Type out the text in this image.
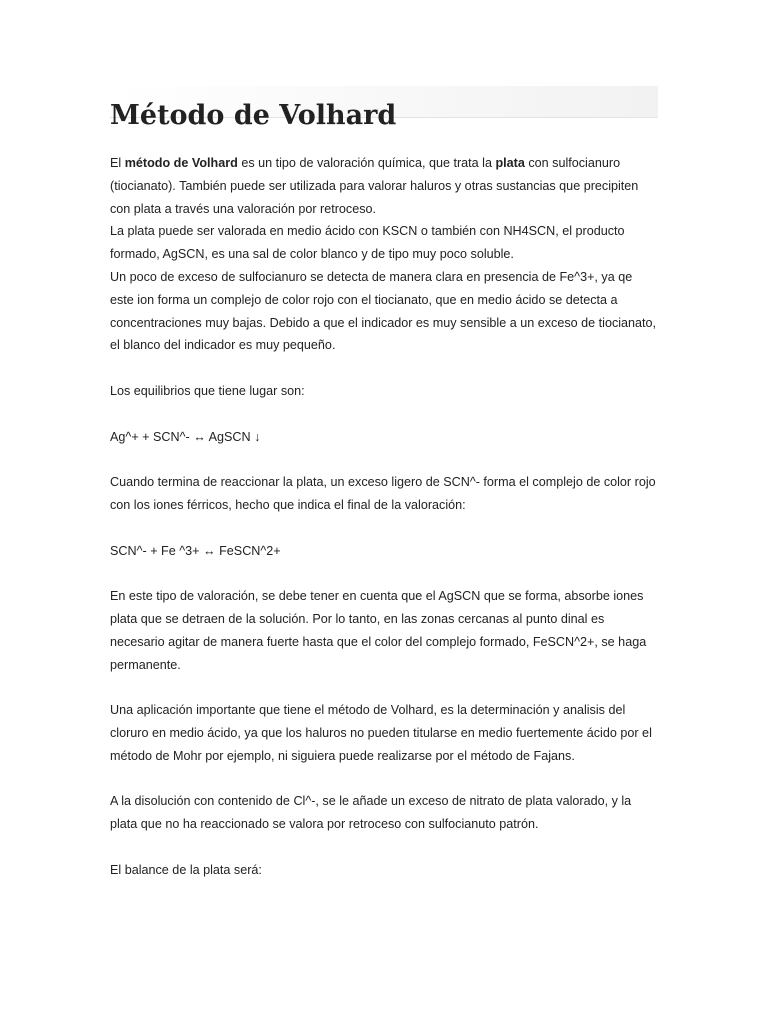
Método de Volhard

El método de Volhard es un tipo de valoración química, que trata la plata con sulfocianuro (tiocianato). También puede ser utilizada para valorar haluros y otras sustancias que precipiten con plata a través una valoración por retroceso.
La plata puede ser valorada en medio ácido con KSCN o también con NH4SCN, el producto formado, AgSCN, es una sal de color blanco y de tipo muy poco soluble.
Un poco de exceso de sulfocianuro se detecta de manera clara en presencia de Fe^3+, ya qe este ion forma un complejo de color rojo con el tiocianato, que en medio ácido se detecta a concentraciones muy bajas. Debido a que el indicador es muy sensible a un exceso de tiocianato, el blanco del indicador es muy pequeño.

Los equilibrios que tiene lugar son:

Ag^+ + SCN^- ↔ AgSCN ↓

Cuando termina de reaccionar la plata, un exceso ligero de SCN^- forma el complejo de color rojo con los iones férricos, hecho que indica el final de la valoración:

SCN^- + Fe ^3+ ↔ FeSCN^2+

En este tipo de valoración, se debe tener en cuenta que el AgSCN que se forma, absorbe iones plata que se detraen de la solución. Por lo tanto, en las zonas cercanas al punto dinal es necesario agitar de manera fuerte hasta que el color del complejo formado, FeSCN^2+, se haga permanente.

Una aplicación importante que tiene el método de Volhard, es la determinación y analisis del cloruro en medio ácido, ya que los haluros no pueden titularse en medio fuertemente ácido por el método de Mohr por ejemplo, ni siguiera puede realizarse por el método de Fajans.

A la disolución con contenido de Cl^-, se le añade un exceso de nitrato de plata valorado, y la plata que no ha reaccionado se valora por retroceso con sulfocianuto patrón.

El balance de la plata será:
